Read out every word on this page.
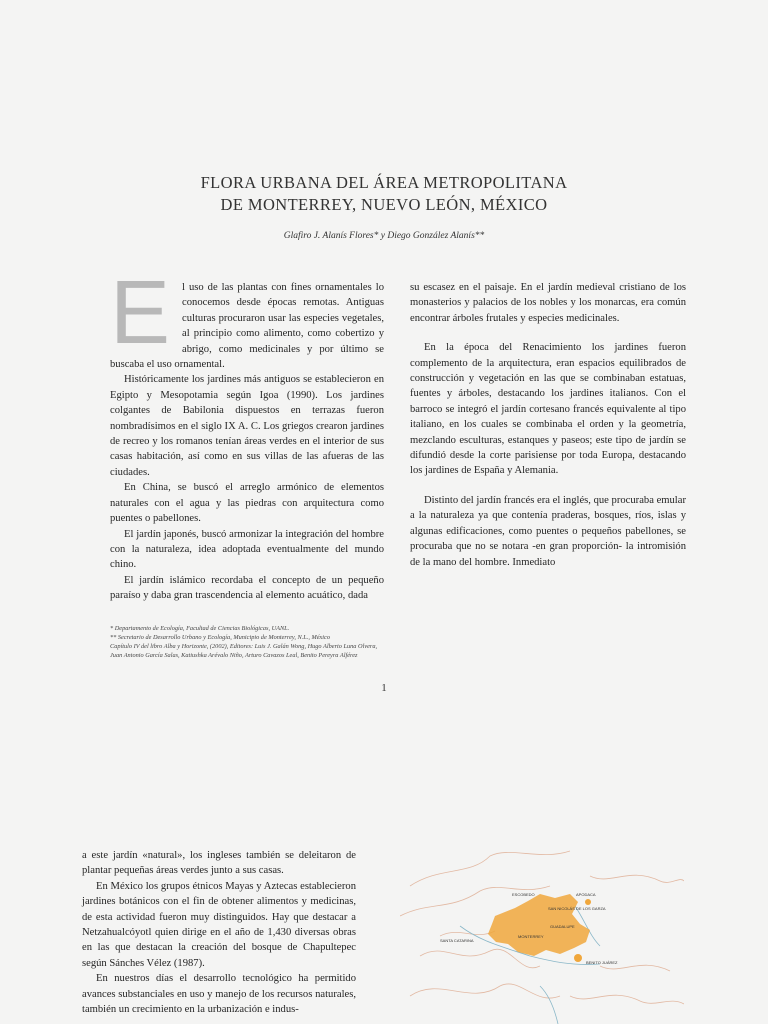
FLORA URBANA DEL ÁREA METROPOLITANA
DE MONTERREY, NUEVO LEÓN, MÉXICO
Glafiro J. Alanís Flores* y Diego González Alanís**

E l uso de las plantas con fines ornamentales lo conocemos desde épocas remotas. Antiguas culturas procuraron usar las especies vegetales, al principio como alimento, como cobertizo y abrigo, como medicinales y por último se buscaba el uso ornamental.

Históricamente los jardines más antiguos se establecieron en Egipto y Mesopotamia según Igoa (1990). Los jardines colgantes de Babilonia dispuestos en terrazas fueron nombradísimos en el siglo IX A. C. Los griegos crearon jardines de recreo y los romanos tenían áreas verdes en el interior de sus casas habitación, así como en sus villas de las afueras de las ciudades.

En China, se buscó el arreglo armónico de elementos naturales con el agua y las piedras con arquitectura como puentes o pabellones.

El jardín japonés, buscó armonizar la integración del hombre con la naturaleza, idea adoptada eventualmente del mundo chino.

El jardín islámico recordaba el concepto de un pequeño paraíso y daba gran trascendencia al elemento acuático, dada

su escasez en el paisaje. En el jardín medieval cristiano de los monasterios y palacios de los nobles y los monarcas, era común encontrar árboles frutales y especies medicinales.

En la época del Renacimiento los jardines fueron complemento de la arquitectura, eran espacios equilibrados de construcción y vegetación en las que se combinaban estatuas, fuentes y árboles, destacando los jardines italianos. Con el barroco se integró el jardín cortesano francés equivalente al tipo italiano, en los cuales se combinaba el orden y la geometría, mezclando esculturas, estanques y paseos; este tipo de jardín se difundió desde la corte parisiense por toda Europa, destacando los jardines de España y Alemania.

Distinto del jardín francés era el inglés, que procuraba emular a la naturaleza ya que contenía praderas, bosques, ríos, islas y algunas edificaciones, como puentes o pequeños pabellones, se procuraba que no se notara -en gran proporción- la intromisión de la mano del hombre. Inmediato

* Departamento de Ecología, Facultad de Ciencias Biológicas, UANL.
** Secretario de Desarrollo Urbano y Ecología, Municipio de Monterrey, N.L., México
Capítulo IV del libro Alba y Horizonte, (2002), Editores: Luis J. Galán Wong, Hugo Alberto Luna Olvera,
Juan Antonio García Salas, Katiushka Arévalo Niño, Arturo Cavazos Leal, Benito Pereyra Alférez
1

a este jardín «natural», los ingleses también se deleitaron de plantar pequeñas áreas verdes junto a sus casas.

En México los grupos étnicos Mayas y Aztecas establecieron jardines botánicos con el fin de obtener alimentos y medicinas, de esta actividad fueron muy distinguidos. Hay que destacar a Netzahualcóyotl quien dirige en el año de 1,430 diversas obras en las que destacan la creación del bosque de Chapultepec según Sánches Vélez (1987).

En nuestros días el desarrollo tecnológico ha permitido avances substanciales en uso y manejo de los recursos naturales, también un crecimiento en la urbanización e indus-

ESCOBEDO	APODACA
SAN NICOLÁS DE LOS GARZA
GUADALUPE
SANTA CATARINA
MONTERREY
BENITO JUÁREZ
